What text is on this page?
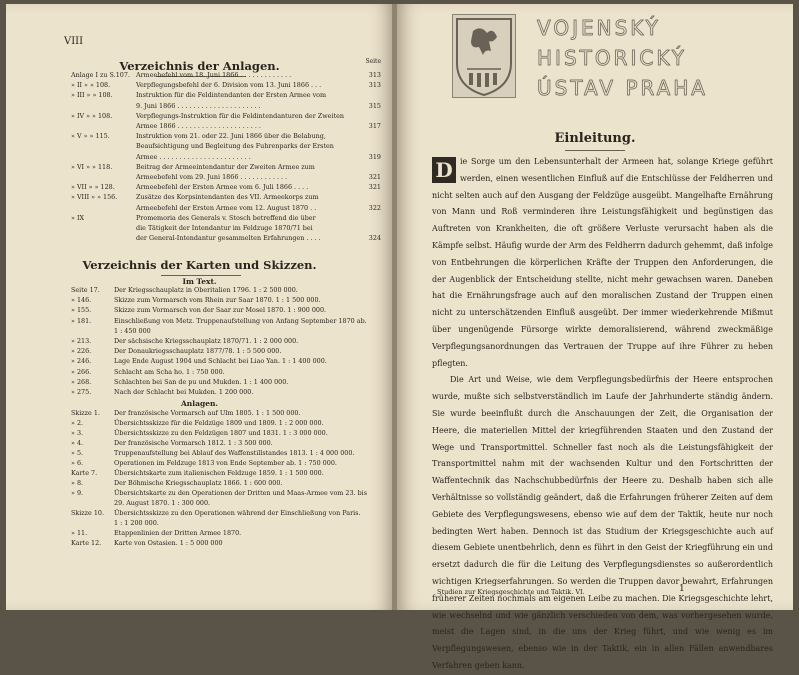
VIII
Verzeichnis der Anlagen.	Seite
Anlage I zu S.107. Armeebefehl vom 18. Juni 1866 . . . . . . . . . . . . .	313
» II » » 108.	Verpflegungsbefehl der 6. Division vom 13. Juni 1866 . . .	313
» III » » 108.	Instruktion für die Feldintendanten der Ersten Armee vom
9. Juni 1866 . . . . . . . . . . . . . . . . . . . . .	315
» IV » » 108.	Verpflegungs-Instruktion für die Feldintendanturen der Zweiten
Armee 1866 . . . . . . . . . . . . . . . . . . . . .	317
» V » » 115.	Instruktion vom 21. oder 22. Juni 1866 über die Belabung,
Beaufsichtigung und Begleitung des Fuhrenparks der Ersten
Armee . . . . . . . . . . . . . . . . . . . . . . .	319
» VI » » 118.	Beitrag der Armeeintendantur der Zweiten Armee zum
Armeebefehl vom 29. Juni 1866 . . . . . . . . . . . .	321
» VII » » 128.	Armeebefehl der Ersten Armee vom 6. Juli 1866 . . . .	321
» VIII » » 156.	Zusätze des Korpsintendanten des VII. Armeekorps zum
Armeebefehl der Ersten Armee vom 12. August 1870 . .	322
» IX	Promemoria des Generals v. Stosch betreffend die über
die Tätigkeit der Intendantur im Feldzuge 1870/71 bei
der General-Intendantur gesammelten Erfahrungen . . . .	324
Verzeichnis der Karten und Skizzen.
Im Text.
Seite 17. Der Kriegsschauplatz in Oberitalien 1796. 1 : 2 500 000.
» 146.	Skizze zum Vormarsch vom Rhein zur Saar 1870. 1 : 1 500 000.
» 155.	Skizze zum Vormarsch von der Saar zur Mosel 1870. 1 : 900 000.
» 181.	Einschließung von Metz. Truppenaufstellung von Anfang September 1870 ab.
1 : 450 000
» 213.	Der sächsische Kriegsschauplatz 1870/71. 1 : 2 000 000.
» 226.	Der Donaukriegsschauplatz 1877/78. 1 : 5 500 000.
» 246.	Lage Ende August 1904 und Schlacht bei Liao Yan. 1 : 1 400 000.
» 266.	Schlacht am Scha ho. 1 : 750 000.
» 268.	Schlachten bei San de pu und Mukden. 1 : 1 400 000.
» 275.	Nach der Schlacht bei Mukden. 1 200 000.
Anlagen.
Skizze 1. Der französische Vormarsch auf Ulm 1805. 1 : 1 500 000.
» 2.	Übersichtsskizze für die Feldzüge 1809 und 1809. 1 : 2 000 000.
» 3.	Übersichtsskizze zu den Feldzügen 1807 und 1831. 1 : 3 000 000.
» 4.	Der französische Vormarsch 1812. 1 : 3 500 000.
» 5.	Truppenaufstellung bei Ablauf des Waffenstillstandes 1813. 1 : 4 000 000.
» 6.	Operationen im Feldzuge 1813 von Ende September ab. 1 : 750 000.
Karte 7.	Übersichtskarte zum italienischen Feldzuge 1859. 1 : 1 500 000.
» 8.	Der Böhmische Kriegsschauplatz 1866. 1 : 600 000.
» 9.	Übersichtskarte zu den Operationen der Dritten und Maas-Armee vom 23. bis
29. August 1870. 1 : 300 000.
Skizze 10. Übersichtsskizze zu den Operationen während der Einschließung von Paris.
1 : 1 200 000.
» 11.	Etappenlinien der Dritten Armee 1870.
Karte 12. Karte von Ostasien. 1 : 5 000 000
VOJENSKÝ
HISTORICKÝ
ÚSTAV PRAHA
Einleitung.

D ie Sorge um den Lebensunterhalt der Armeen hat, solange Kriege geführt werden, einen wesentlichen Einfluß auf die Entschlüsse der Feldherren und nicht selten auch auf den Ausgang der Feldzüge ausgeübt. Mangelhafte Ernährung von Mann und Roß verminderen ihre Leistungsfähigkeit und begünstigen das Auftreten von Krankheiten, die oft größere Verluste verursacht haben als die Kämpfe selbst. Häufig wurde der Arm des Feldherrn dadurch gehemmt, daß infolge von Entbehrungen die körperlichen Kräfte der Truppen den Anforderungen, die der Augenblick der Entscheidung stellte, nicht mehr gewachsen waren. Daneben hat die Ernährungsfrage auch auf den moralischen Zustand der Truppen einen nicht zu unterschätzenden Einfluß ausgeübt. Der immer wiederkehrende Mißmut über ungenügende Fürsorge wirkte demoralisierend, während zweckmäßige Verpflegungsanordnungen das Vertrauen der Truppe auf ihre Führer zu heben pflegten.

Die Art und Weise, wie dem Verpflegungsbedürfnis der Heere entsprochen wurde, mußte sich selbstverständlich im Laufe der Jahrhunderte ständig ändern. Sie wurde beeinflußt durch die Anschauungen der Zeit, die Organisation der Heere, die materiellen Mittel der kriegführenden Staaten und den Zustand der Wege und Transportmittel. Schneller fast noch als die Leistungsfähigkeit der Transportmittel nahm mit der wachsenden Kultur und den Fortschritten der Waffentechnik das Nachschubbedürfnis der Heere zu. Deshalb haben sich alle Verhältnisse so vollständig geändert, daß die Erfahrungen früherer Zeiten auf dem Gebiete des Verpflegungswesens, ebenso wie auf dem der Taktik, heute nur noch bedingten Wert haben. Dennoch ist das Studium der Kriegsgeschichte auch auf diesem Gebiete unentbehrlich, denn es führt in den Geist der Kriegführung ein und ersetzt dadurch die für die Leitung des Verpflegungsdienstes so außerordentlich wichtigen Kriegserfahrungen. So werden die Truppen davor bewahrt, Erfahrungen früherer Zeiten nochmals am eigenen Leibe zu machen. Die Kriegsgeschichte lehrt, wie wechselnd und wie gänzlich verschieden von dem, was vorhergesehen wurde, meist die Lagen sind, in die uns der Krieg führt, und wie wenig es im Verpflegungswesen, ebenso wie in der Taktik, ein in allen Fällen anwendbares Verfahren geben kann.

Studien zur Kriegsgeschichte und Taktik. VI.	1
